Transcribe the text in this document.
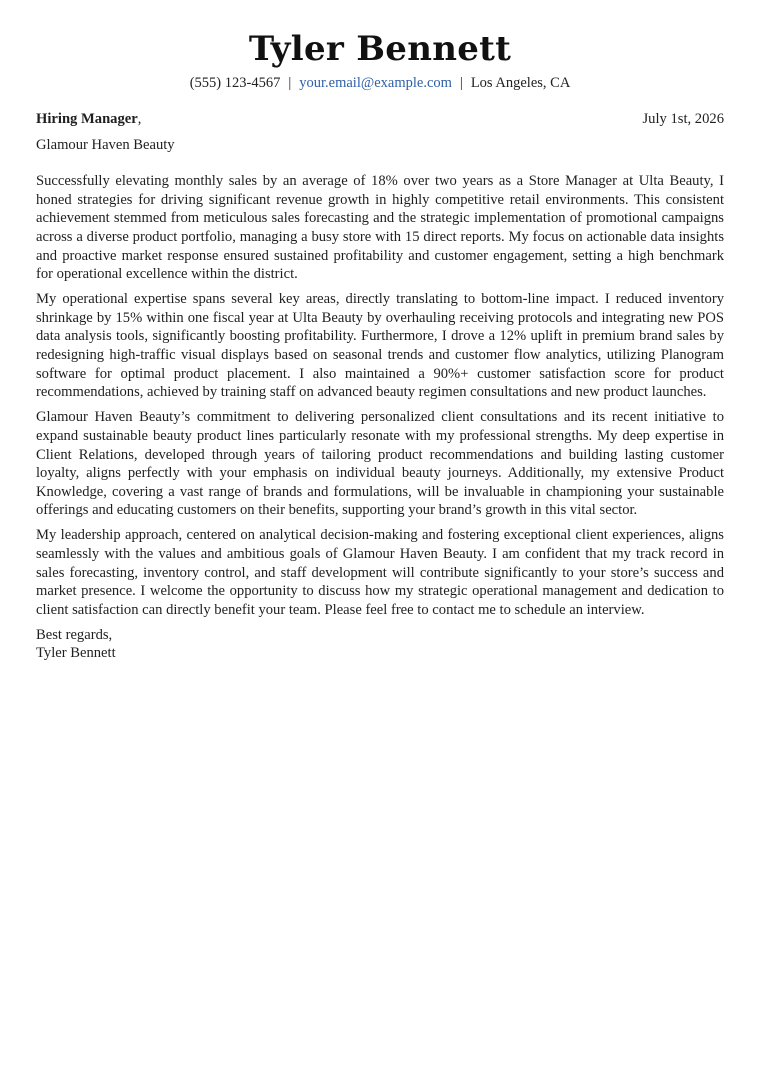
Tyler Bennett
(555) 123-4567 | your.email@example.com | Los Angeles, CA
Hiring Manager,	July 1st, 2026
Glamour Haven Beauty

Successfully elevating monthly sales by an average of 18% over two years as a Store Manager at Ulta Beauty, I honed strategies for driving significant revenue growth in highly competitive retail environments. This consistent achievement stemmed from meticulous sales forecasting and the strategic implementation of promotional campaigns across a diverse product portfolio, managing a busy store with 15 direct reports. My focus on actionable data insights and proactive market response ensured sustained profitability and customer engagement, setting a high benchmark for operational excellence within the district.

My operational expertise spans several key areas, directly translating to bottom-line impact. I reduced inventory shrinkage by 15% within one fiscal year at Ulta Beauty by overhauling receiving protocols and integrating new POS data analysis tools, significantly boosting profitability. Furthermore, I drove a 12% uplift in premium brand sales by redesigning high-traffic visual displays based on seasonal trends and customer flow analytics, utilizing Planogram software for optimal product placement. I also maintained a 90%+ customer satisfaction score for product recommendations, achieved by training staff on advanced beauty regimen consultations and new product launches.

Glamour Haven Beauty’s commitment to delivering personalized client consultations and its recent initiative to expand sustainable beauty product lines particularly resonate with my professional strengths. My deep expertise in Client Relations, developed through years of tailoring product recommendations and building lasting customer loyalty, aligns perfectly with your emphasis on individual beauty journeys. Additionally, my extensive Product Knowledge, covering a vast range of brands and formulations, will be invaluable in championing your sustainable offerings and educating customers on their benefits, supporting your brand’s growth in this vital sector.

My leadership approach, centered on analytical decision-making and fostering exceptional client experiences, aligns seamlessly with the values and ambitious goals of Glamour Haven Beauty. I am confident that my track record in sales forecasting, inventory control, and staff development will contribute significantly to your store’s success and market presence. I welcome the opportunity to discuss how my strategic operational management and dedication to client satisfaction can directly benefit your team. Please feel free to contact me to schedule an interview.

Best regards,
Tyler Bennett
